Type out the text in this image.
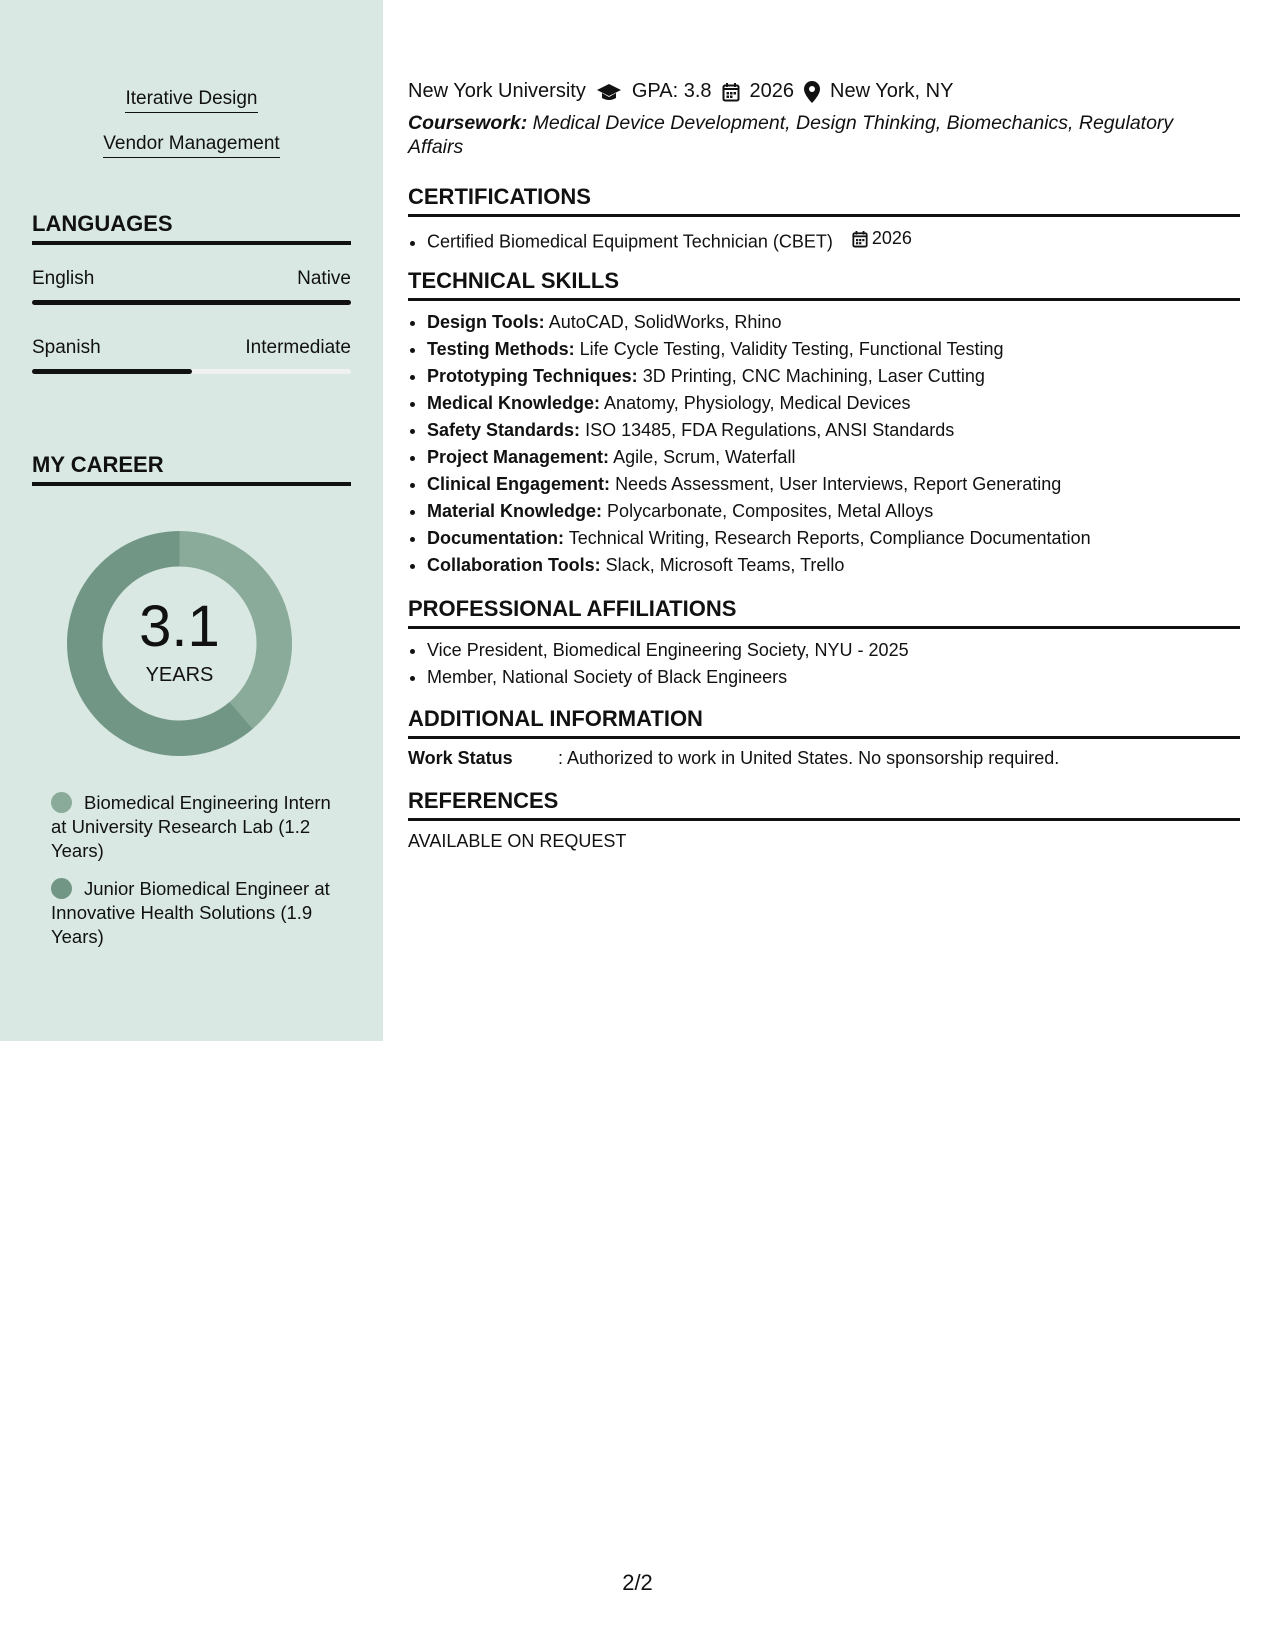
Iterative Design
Vendor Management
LANGUAGES
English	Native
Spanish	Intermediate
MY CAREER
3.1
YEARS
Biomedical Engineering Intern at University Research Lab (1.2 Years)
Junior Biomedical Engineer at Innovative Health Solutions (1.9 Years)
New York University GPA: 3.8 2026 New York, NY
Coursework: Medical Device Development, Design Thinking, Biomechanics, Regulatory Affairs
CERTIFICATIONS
• Certified Biomedical Equipment Technician (CBET) 2026
TECHNICAL SKILLS
• Design Tools: AutoCAD, SolidWorks, Rhino
• Testing Methods: Life Cycle Testing, Validity Testing, Functional Testing
• Prototyping Techniques: 3D Printing, CNC Machining, Laser Cutting
• Medical Knowledge: Anatomy, Physiology, Medical Devices
• Safety Standards: ISO 13485, FDA Regulations, ANSI Standards
• Project Management: Agile, Scrum, Waterfall
• Clinical Engagement: Needs Assessment, User Interviews, Report Generating
• Material Knowledge: Polycarbonate, Composites, Metal Alloys
• Documentation: Technical Writing, Research Reports, Compliance Documentation
• Collaboration Tools: Slack, Microsoft Teams, Trello
PROFESSIONAL AFFILIATIONS
• Vice President, Biomedical Engineering Society, NYU - 2025
• Member, National Society of Black Engineers
ADDITIONAL INFORMATION
Work Status	: Authorized to work in United States. No sponsorship required.
REFERENCES
AVAILABLE ON REQUEST
2/2
